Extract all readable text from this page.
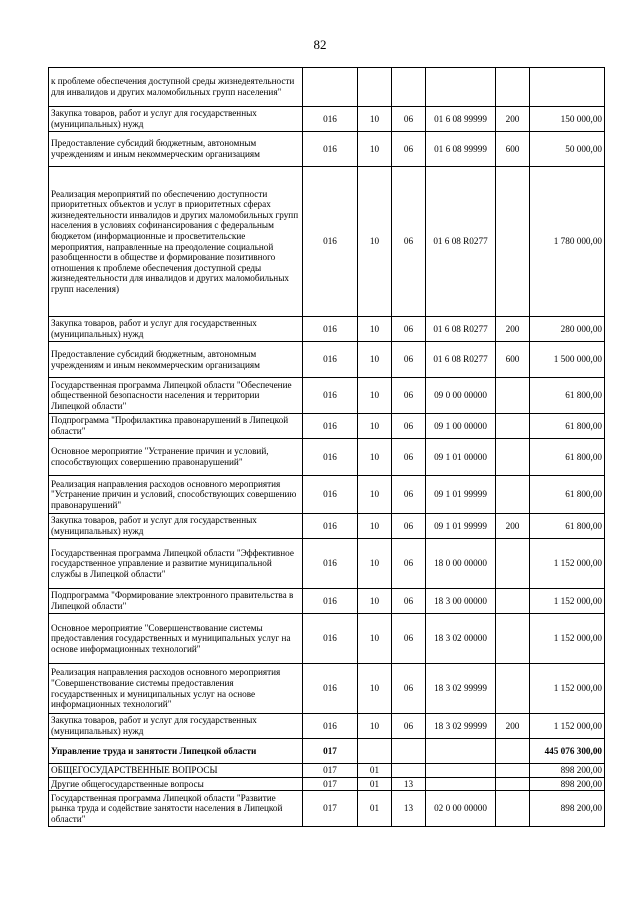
82
к проблеме обеспечения доступной среды жизнедеятельности для инвалидов и других маломобильных групп населения"						
Закупка товаров, работ и услуг для государственных (муниципальных) нужд	016	10	06	01 6 08 99999	200	150 000,00
Предоставление субсидий бюджетным, автономным учреждениям и иным некоммерческим организациям	016	10	06	01 6 08 99999	600	50 000,00
Реализация мероприятий по обеспечению доступности приоритетных объектов и услуг в приоритетных сферах жизнедеятельности инвалидов и других маломобильных групп населения в условиях софинансирования с федеральным бюджетом (информационные и просветительские мероприятия, направленные на преодоление социальной разобщенности в обществе и формирование позитивного отношения к проблеме обеспечения доступной среды жизнедеятельности для инвалидов и других маломобильных групп населения)	016	10	06	01 6 08 R0277		1 780 000,00
Закупка товаров, работ и услуг для государственных (муниципальных) нужд	016	10	06	01 6 08 R0277	200	280 000,00
Предоставление субсидий бюджетным, автономным учреждениям и иным некоммерческим организациям	016	10	06	01 6 08 R0277	600	1 500 000,00
Государственная программа Липецкой области "Обеспечение общественной безопасности населения и территории Липецкой области"	016	10	06	09 0 00 00000		61 800,00
Подпрограмма "Профилактика правонарушений в Липецкой области"	016	10	06	09 1 00 00000		61 800,00
Основное мероприятие "Устранение причин и условий, способствующих совершению правонарушений"	016	10	06	09 1 01 00000		61 800,00
Реализация направления расходов основного мероприятия "Устранение причин и условий, способствующих совершению правонарушений"	016	10	06	09 1 01 99999		61 800,00
Закупка товаров, работ и услуг для государственных (муниципальных) нужд	016	10	06	09 1 01 99999	200	61 800,00
Государственная программа Липецкой области "Эффективное государственное управление и развитие муниципальной службы в Липецкой области"	016	10	06	18 0 00 00000		1 152 000,00
Подпрограмма "Формирование электронного правительства в Липецкой области"	016	10	06	18 3 00 00000		1 152 000,00
Основное мероприятие "Совершенствование системы предоставления государственных и муниципальных услуг на основе информационных технологий"	016	10	06	18 3 02 00000		1 152 000,00
Реализация направления расходов основного мероприятия "Совершенствование системы предоставления государственных и муниципальных услуг на основе информационных технологий"	016	10	06	18 3 02 99999		1 152 000,00
Закупка товаров, работ и услуг для государственных (муниципальных) нужд	016	10	06	18 3 02 99999	200	1 152 000,00
Управление труда и занятости Липецкой области	017					445 076 300,00
ОБЩЕГОСУДАРСТВЕННЫЕ ВОПРОСЫ	017	01				898 200,00
Другие общегосударственные вопросы	017	01	13			898 200,00
Государственная программа Липецкой области "Развитие рынка труда и содействие занятости населения в Липецкой области"	017	01	13	02 0 00 00000		898 200,00
